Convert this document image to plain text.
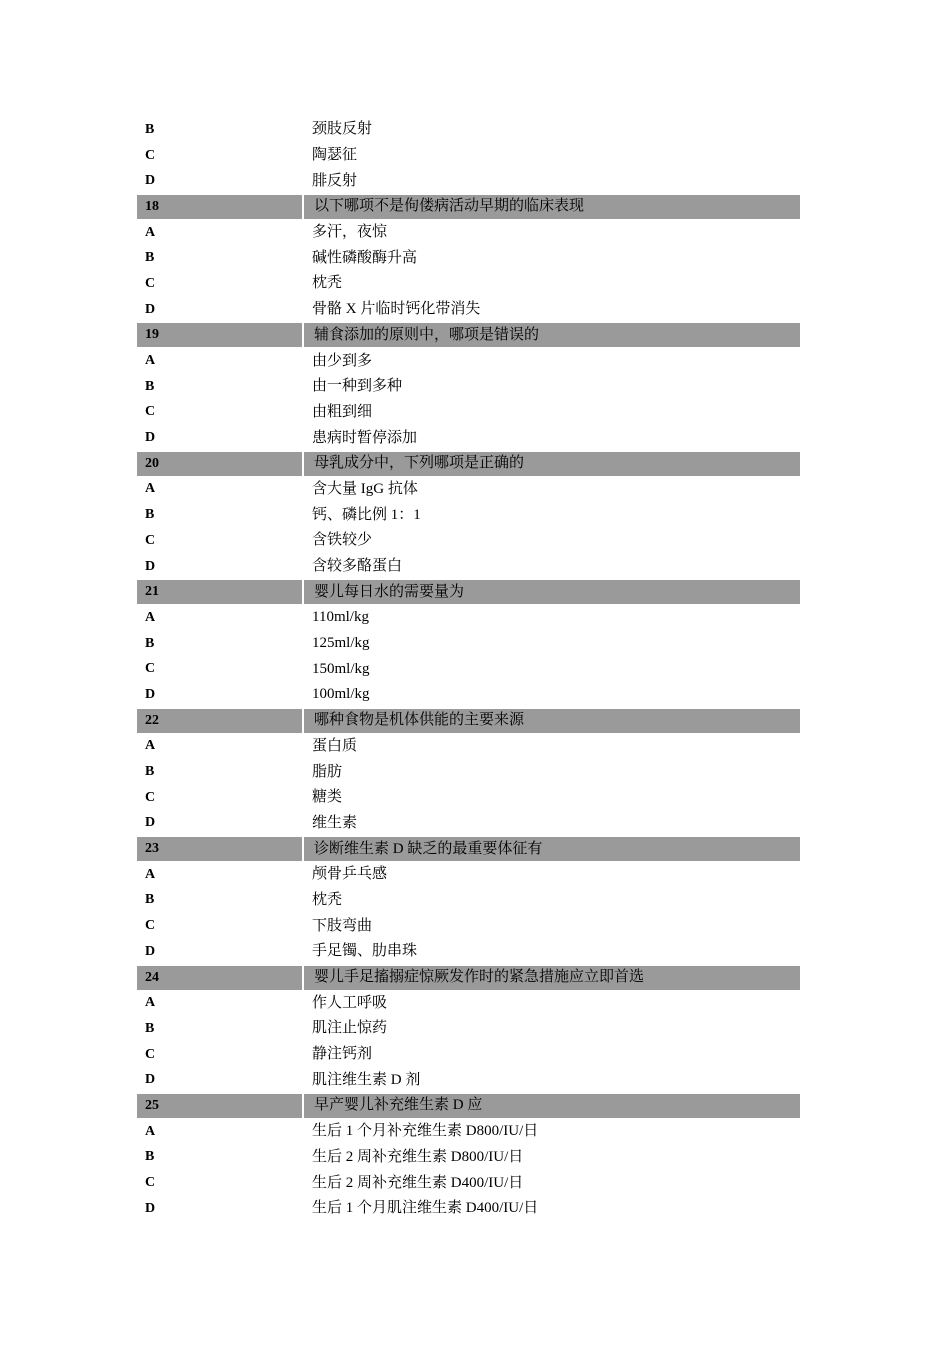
B	颈肢反射
C	陶瑟征
D	腓反射
18	以下哪项不是佝偻病活动早期的临床表现
A	多汗，夜惊
B	碱性磷酸酶升高
C	枕秃
D	骨骼 X 片临时钙化带消失
19	辅食添加的原则中，哪项是错误的
A	由少到多
B	由一种到多种
C	由粗到细
D	患病时暂停添加
20	母乳成分中，下列哪项是正确的
A	含大量 IgG 抗体
B	钙、磷比例 1：1
C	含铁较少
D	含较多酪蛋白
21	婴儿每日水的需要量为
A	110ml/kg
B	125ml/kg
C	150ml/kg
D	100ml/kg
22	哪种食物是机体供能的主要来源
A	蛋白质
B	脂肪
C	糖类
D	维生素
23	诊断维生素 D 缺乏的最重要体征有
A	颅骨乒乓感
B	枕秃
C	下肢弯曲
D	手足镯、肋串珠
24	婴儿手足搐搦症惊厥发作时的紧急措施应立即首选
A	作人工呼吸
B	肌注止惊药
C	静注钙剂
D	肌注维生素 D 剂
25	早产婴儿补充维生素 D 应
A	生后 1 个月补充维生素 D800/IU/日
B	生后 2 周补充维生素 D800/IU/日
C	生后 2 周补充维生素 D400/IU/日
D	生后 1 个月肌注维生素 D400/IU/日
